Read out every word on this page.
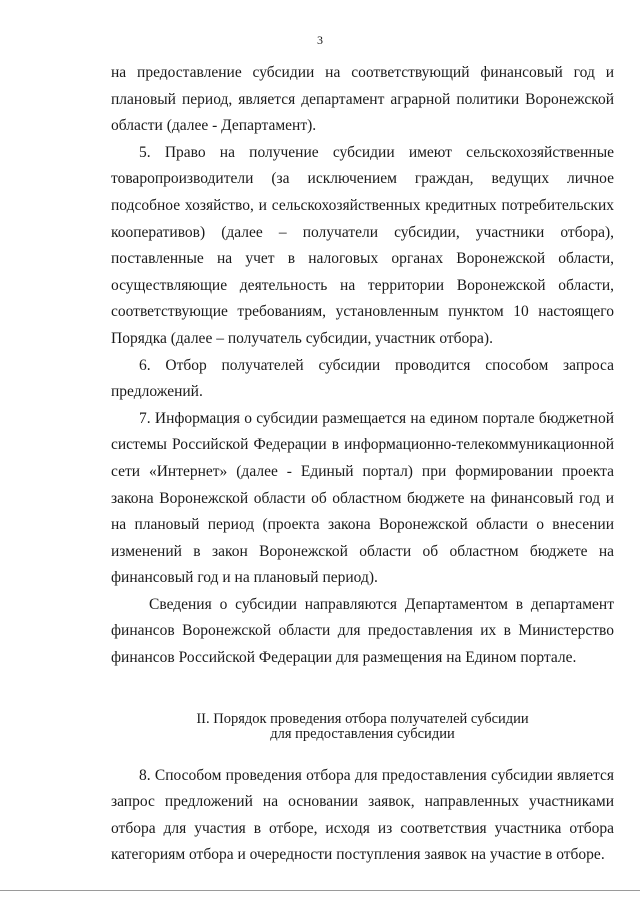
3

на предоставление субсидии на соответствующий финансовый год и плановый период, является департамент аграрной политики Воронежской области (далее - Департамент).

5. Право на получение субсидии имеют сельскохозяйственные товаропроизводители (за исключением граждан, ведущих личное подсобное хозяйство, и сельскохозяйственных кредитных потребительских кооперативов) (далее – получатели субсидии, участники отбора), поставленные на учет в налоговых органах Воронежской области, осуществляющие деятельность на территории Воронежской области, соответствующие требованиям, установленным пунктом 10 настоящего Порядка (далее – получатель субсидии, участник отбора).

6. Отбор получателей субсидии проводится способом запроса предложений.

7. Информация о субсидии размещается на едином портале бюджетной системы Российской Федерации в информационно-телекоммуникационной сети «Интернет» (далее - Единый портал) при формировании проекта закона Воронежской области об областном бюджете на финансовый год и на плановый период (проекта закона Воронежской области о внесении изменений в закон Воронежской области об областном бюджете на финансовый год и на плановый период).

Сведения о субсидии направляются Департаментом в департамент финансов Воронежской области для предоставления их в Министерство финансов Российской Федерации для размещения на Едином портале.

II. Порядок проведения отбора получателей субсидии
для предоставления субсидии

8. Способом проведения отбора для предоставления субсидии является запрос предложений на основании заявок, направленных участниками отбора для участия в отборе, исходя из соответствия участника отбора категориям отбора и очередности поступления заявок на участие в отборе.
